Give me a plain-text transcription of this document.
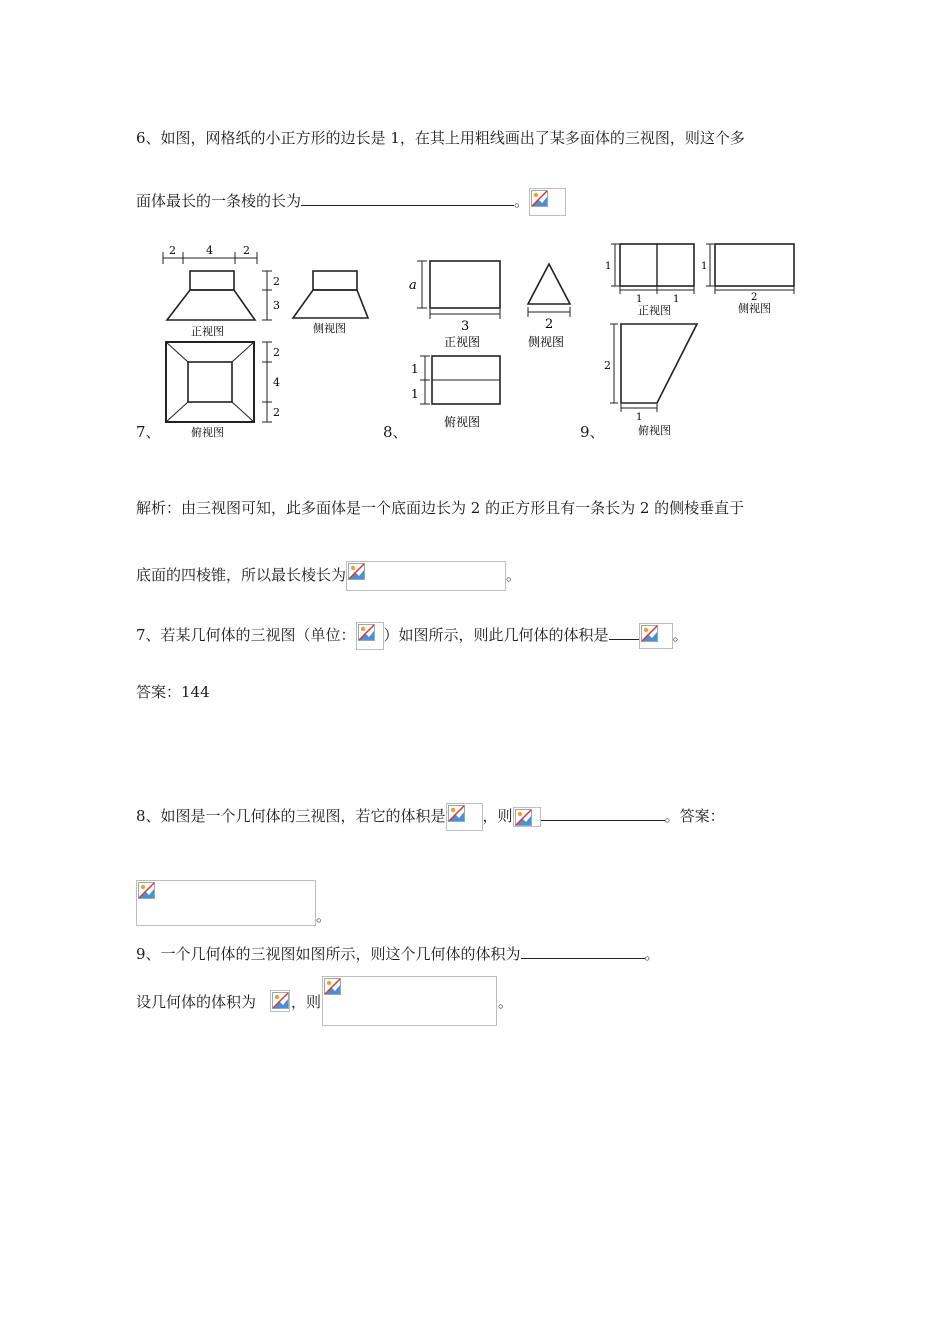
6、如图，网格纸的小正方形的边长是 1，在其上用粗线画出了某多面体的三视图，则这个多
面体最长的一条棱的长为	。
2	4	2
2
3
2
4
2
正视图
俯视图
侧视图
7、
a
3	2
正视图	侧视图
1
1
俯视图
8、
1
1	1
正视图
1
2
侧视图
2
1
俯视图
9、
解析：由三视图可知，此多面体是一个底面边长为 2 的正方形且有一条长为 2 的侧棱垂直于
底面的四棱锥，所以最长棱长为	。
7、若某几何体的三视图（单位： ）如图所示，则此几何体的体积是	。
答案：144
8、如图是一个几何体的三视图，若它的体积是 ，则	。答案：
。
9、一个几何体的三视图如图所示，则这个几何体的体积为	。
设几何体的体积为 ，则	。
